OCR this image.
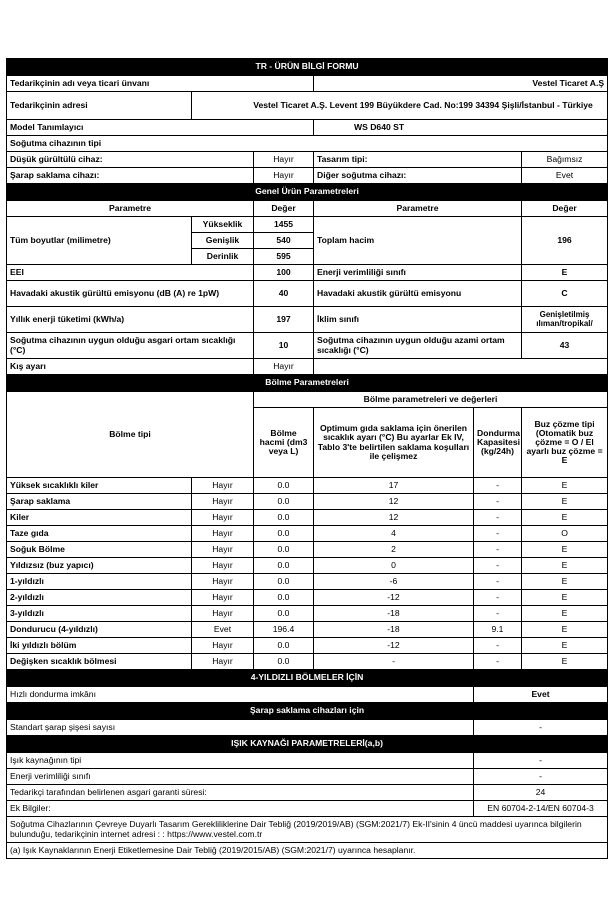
TR - ÜRÜN BİLGİ FORMU					
Tedarikçinin adı veya ticari ünvanı			Vestel Ticaret A.Ş		
Tedarikçinin adresi	Vestel Ticaret A.Ş. Levent 199 Büyükdere Cad. No:199 34394 Şişli/İstanbul - Türkiye				
Model Tanımlayıcı			WS D640 ST		
Soğutma cihazının tipi					
Düşük gürültülü cihaz:		Hayır	Tasarım tipi:		Bağımsız
Şarap saklama cihazı:		Hayır	Diğer soğutma cihazı:		Evet
Genel Ürün Parametreleri					
Parametre		Değer	Parametre		Değer
Tüm boyutlar (milimetre)	Yükseklik	1455	Toplam hacim		196
	Genişlik	540			
	Derinlik	595			
EEI		100	Enerji verimliliği sınıfı		E
Havadaki akustik gürültü emisyonu (dB (A) re 1pW)		40	Havadaki akustik gürültü emisyonu		C
Yıllık enerji tüketimi (kWh/a)		197	İklim sınıfı		Genişletilmiş ılıman/tropikal/
Soğutma cihazının uygun olduğu asgari ortam sıcaklığı (°C)		10	Soğutma cihazının uygun olduğu azami ortam sıcaklığı (°C)		43
Kış ayarı		Hayır			
Bölme Parametreleri					
Bölme tipi		Bölme parametreleri ve değerleri			
		Bölme hacmi (dm3 veya L)	Optimum gıda saklama için önerilen sıcaklık ayarı (°C) Bu ayarlar Ek IV, Tablo 3'te belirtilen saklama koşulları ile çelişmez	Dondurma Kapasitesi (kg/24h)	Buz çözme tipi (Otomatik buz çözme = O / El ayarlı buz çözme = E
Yüksek sıcaklıklı kiler	Hayır	0.0	17	-	E
Şarap saklama	Hayır	0.0	12	-	E
Kiler	Hayır	0.0	12	-	E
Taze gıda	Hayır	0.0	4	-	O
Soğuk Bölme	Hayır	0.0	2	-	E
Yıldızsız (buz yapıcı)	Hayır	0.0	0	-	E
1-yıldızlı	Hayır	0.0	-6	-	E
2-yıldızlı	Hayır	0.0	-12	-	E
3-yıldızlı	Hayır	0.0	-18	-	E
Dondurucu (4-yıldızlı)	Evet	196.4	-18	9.1	E
İki yıldızlı bölüm	Hayır	0.0	-12	-	E
Değişken sıcaklık bölmesi	Hayır	0.0	-	-	E
4-YILDIZLI BÖLMELER İÇİN					
Hızlı dondurma imkânı				Evet	
Şarap saklama cihazları için					
Standart şarap şişesi sayısı				-	
IŞIK KAYNAĞI PARAMETRELERİ(a,b)					
Işık kaynağının tipi				-	
Enerji verimliliği sınıfı				-	
Tedarikçi tarafından belirlenen asgari garanti süresi:				24	
Ek Bilgiler:				EN 60704-2-14/EN 60704-3	
Soğutma Cihazlarının Çevreye Duyarlı Tasarım Gerekliliklerine Dair Tebliğ (2019/2019/AB) (SGM:2021/7) Ek-II'sinin 4 üncü maddesi uyarınca bilgilerin bulunduğu, tedarikçinin internet adresi : : https://www.vestel.com.tr					
(a) Işık Kaynaklarının Enerji Etiketlemesine Dair Tebliğ (2019/2015/AB) (SGM:2021/7) uyarınca hesaplanır.					
